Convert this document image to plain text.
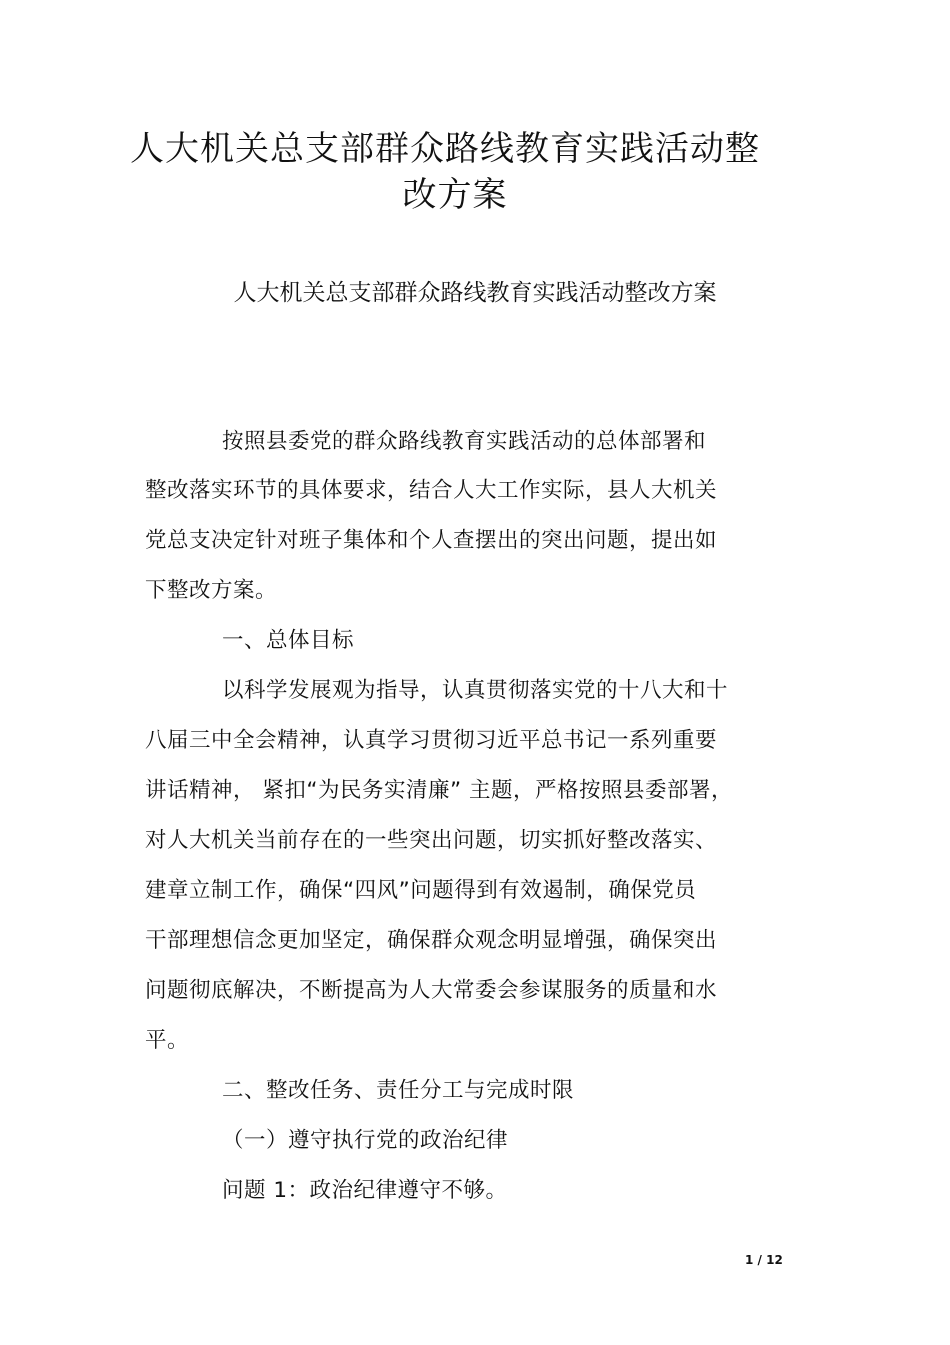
人大机关总支部群众路线教育实践活动整
改方案
人大机关总支部群众路线教育实践活动整改方案
按照县委党的群众路线教育实践活动的总体部署和
整改落实环节的具体要求，结合人大工作实际，县人大机关
党总支决定针对班子集体和个人查摆出的突出问题，提出如
下整改方案。
一、总体目标
以科学发展观为指导，认真贯彻落实党的十八大和十
八届三中全会精神，认真学习贯彻习近平总书记一系列重要
讲话精神， 紧扣“为民务实清廉” 主题，严格按照县委部署，
对人大机关当前存在的一些突出问题，切实抓好整改落实、
建章立制工作，确保“四风”问题得到有效遏制，确保党员
干部理想信念更加坚定，确保群众观念明显增强，确保突出
问题彻底解决，不断提高为人大常委会参谋服务的质量和水
平。
二、整改任务、责任分工与完成时限
（一）遵守执行党的政治纪律
问题 1：政治纪律遵守不够。
1 / 12
